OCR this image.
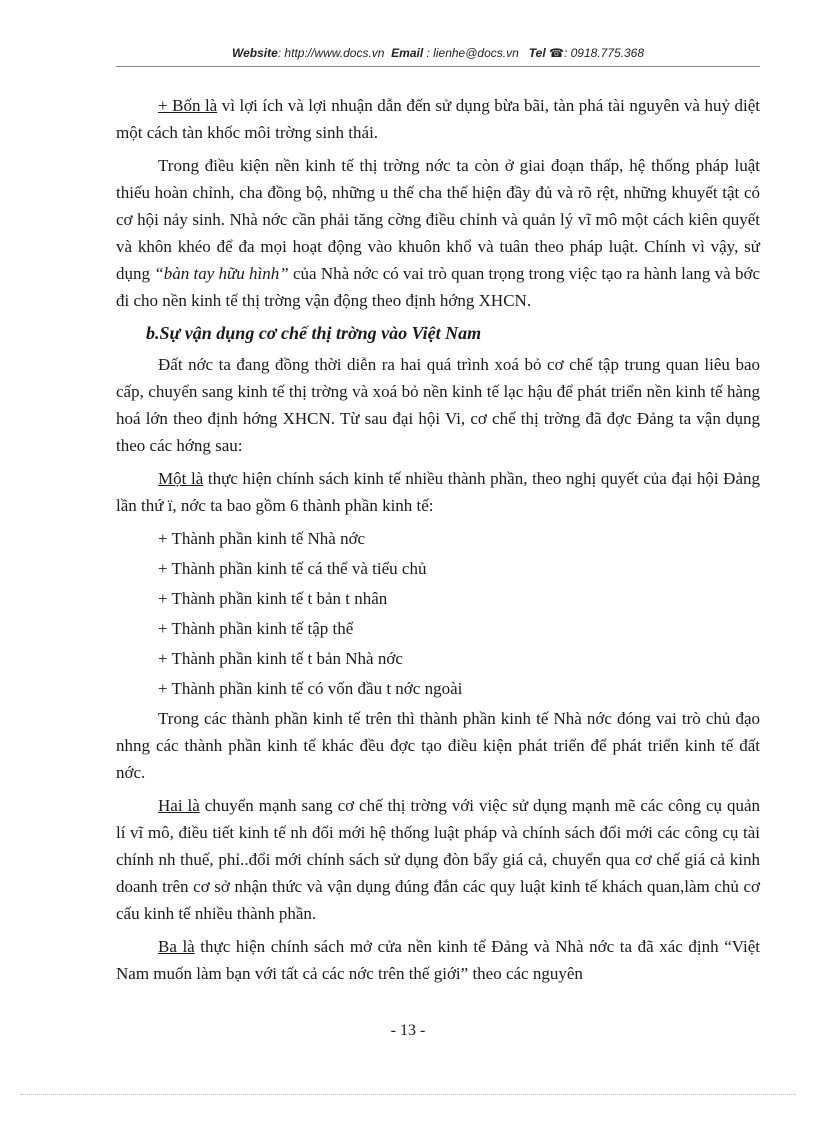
Website: http://www.docs.vn Email : lienhe@docs.vn Tel ☎: 0918.775.368

+ Bốn là vì lợi ích và lợi nhuận dẫn đến sử dụng bừa bãi, tàn phá tài nguyên và huỷ diệt một cách tàn khốc môi trờng sinh thái.

Trong điều kiện nền kinh tế thị trờng nớc ta còn ở giai đoạn thấp, hệ thống pháp luật thiếu hoàn chỉnh, cha đồng bộ, những u thế cha thể hiện đầy đủ và rõ rệt, những khuyết tật có cơ hội nảy sinh. Nhà nớc cần phải tăng cờng điều chỉnh và quản lý vĩ mô một cách kiên quyết và khôn khéo để đa mọi hoạt động vào khuôn khổ và tuân theo pháp luật. Chính vì vậy, sử dụng “bàn tay hữu hình” của Nhà nớc có vai trò quan trọng trong việc tạo ra hành lang và bớc đi cho nền kinh tế thị trờng vận động theo định hớng XHCN.

b.Sự vận dụng cơ chế thị trờng vào Việt Nam

Đất nớc ta đang đồng thời diễn ra hai quá trình xoá bỏ cơ chế tập trung quan liêu bao cấp, chuyển sang kinh tế thị trờng và xoá bỏ nền kinh tế lạc hậu để phát triển nền kinh tế hàng hoá lớn theo định hớng XHCN. Từ sau đại hội Vi, cơ chế thị trờng đã đợc Đảng ta vận dụng theo các hớng sau:

Một là thực hiện chính sách kinh tế nhiều thành phần, theo nghị quyết của đại hội Đảng lần thứ ï, nớc ta bao gồm 6 thành phần kinh tế:

+ Thành phần kinh tế Nhà nớc

+ Thành phần kinh tế cá thể và tiểu chủ

+ Thành phần kinh tế t bản t nhân

+ Thành phần kinh tế tập thể

+ Thành phần kinh tế t bản Nhà nớc

+ Thành phần kinh tế có vốn đầu t nớc ngoài

Trong các thành phần kinh tế trên thì thành phần kinh tế Nhà nớc đóng vai trò chủ đạo nhng các thành phần kinh tế khác đều đợc tạo điều kiện phát triển để phát triển kinh tế đất nớc.

Hai là chuyển mạnh sang cơ chế thị trờng với việc sử dụng mạnh mẽ các công cụ quản lí vĩ mô, điều tiết kinh tế nh đổi mới hệ thống luật pháp và chính sách đổi mới các công cụ tài chính nh thuế, phỉ..đổi mới chính sách sử dụng đòn bẩy giá cả, chuyển qua cơ chế giá cả kinh doanh trên cơ sở nhận thức và vận dụng đúng đắn các quy luật kinh tế khách quan,làm chủ cơ cấu kinh tế nhiều thành phần.

Ba là thực hiện chính sách mở cửa nền kinh tế Đảng và Nhà nớc ta đã xác định “Việt Nam muốn làm bạn với tất cả các nớc trên thế giới” theo các nguyên

- 13 -
